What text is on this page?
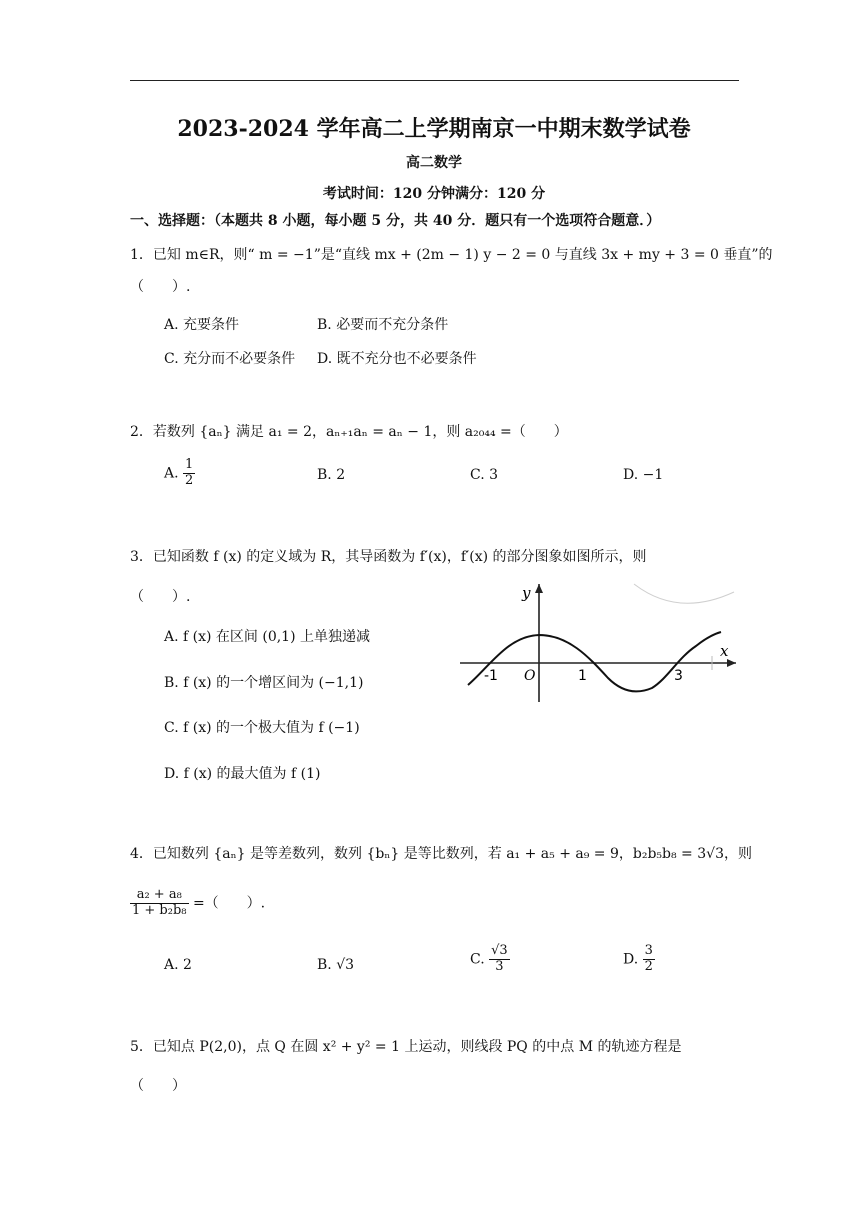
2023-2024 学年高二上学期南京一中期末数学试卷
高二数学
考试时间：120 分钟满分：120 分
一、选择题：（本题共 8 小题，每小题 5 分，共 40 分．题只有一个选项符合题意．）
1．已知 m∈R，则“ m = −1”是“直线 mx + (2m − 1) y − 2 = 0 与直线 3x + my + 3 = 0 垂直”的
（　　）.
A. 充要条件	B. 必要而不充分条件
C. 充分而不必要条件 D. 既不充分也不必要条件
2．若数列 {aₙ} 满足 a₁ = 2，aₙ₊₁aₙ = aₙ − 1，则 a₂₀₄₄ =（　　）
A. $\frac{1}{2}$	B. 2	C. 3	D. −1
3．已知函数 f (x) 的定义域为 R，其导函数为 f′(x)，f′(x) 的部分图象如图所示，则
（　　）.
A. f (x) 在区间 (0,1) 上单独递减
B. f (x) 的一个增区间为 (−1,1)
C. f (x) 的一个极大值为 f (−1)
D. f (x) 的最大值为 f (1)
y
x
O
-1	1	3
4．已知数列 {aₙ} 是等差数列，数列 {bₙ} 是等比数列，若 a₁ + a₅ + a₉ = 9，b₂b₅b₈ = 3√3，则
$\frac{\text{a₂ + a₈}}{\text{1 + b₂b₈}}$ =（　　）.
A. 2	B. √3	C. $\frac{√3}{3}$	D. $\frac{3}{2}$
5．已知点 P(2,0)，点 Q 在圆 x² + y² = 1 上运动，则线段 PQ 的中点 M 的轨迹方程是
（　　）
